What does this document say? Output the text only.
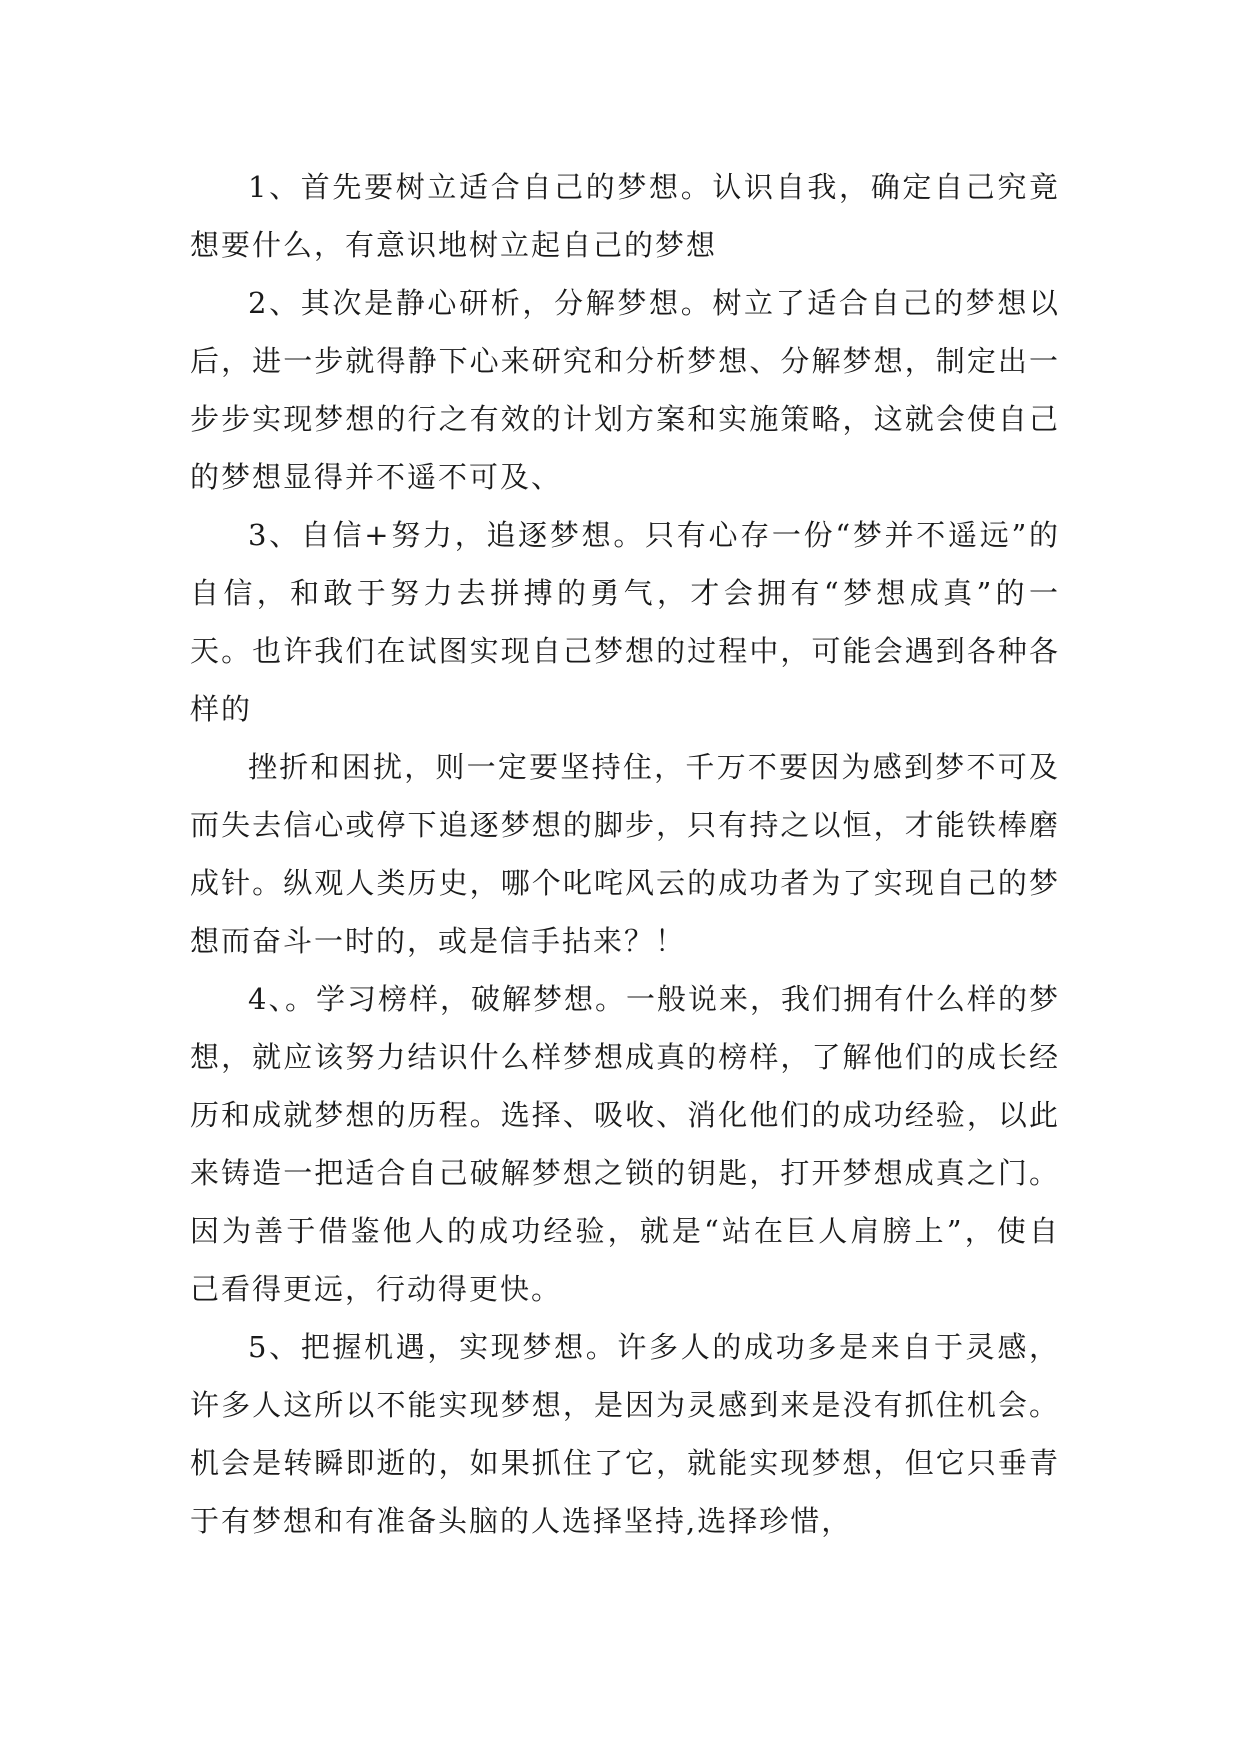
1、首先要树立适合自己的梦想。认识自我，确定自己究竟想要什么，有意识地树立起自己的梦想

2、其次是静心研析，分解梦想。树立了适合自己的梦想以后，进一步就得静下心来研究和分析梦想、分解梦想，制定出一步步实现梦想的行之有效的计划方案和实施策略，这就会使自己的梦想显得并不遥不可及、

3、自信+努力，追逐梦想。只有心存一份“梦并不遥远”的自信，和敢于努力去拼搏的勇气，才会拥有“梦想成真”的一天。也许我们在试图实现自己梦想的过程中，可能会遇到各种各样的

挫折和困扰，则一定要坚持住，千万不要因为感到梦不可及而失去信心或停下追逐梦想的脚步，只有持之以恒，才能铁棒磨成针。纵观人类历史，哪个叱咤风云的成功者为了实现自己的梦想而奋斗一时的，或是信手拈来？！

4、。学习榜样，破解梦想。一般说来，我们拥有什么样的梦想，就应该努力结识什么样梦想成真的榜样，了解他们的成长经历和成就梦想的历程。选择、吸收、消化他们的成功经验，以此来铸造一把适合自己破解梦想之锁的钥匙，打开梦想成真之门。因为善于借鉴他人的成功经验，就是“站在巨人肩膀上”，使自己看得更远，行动得更快。

5、把握机遇，实现梦想。许多人的成功多是来自于灵感，许多人这所以不能实现梦想，是因为灵感到来是没有抓住机会。机会是转瞬即逝的，如果抓住了它，就能实现梦想，但它只垂青于有梦想和有准备头脑的人选择坚持,选择珍惜，
